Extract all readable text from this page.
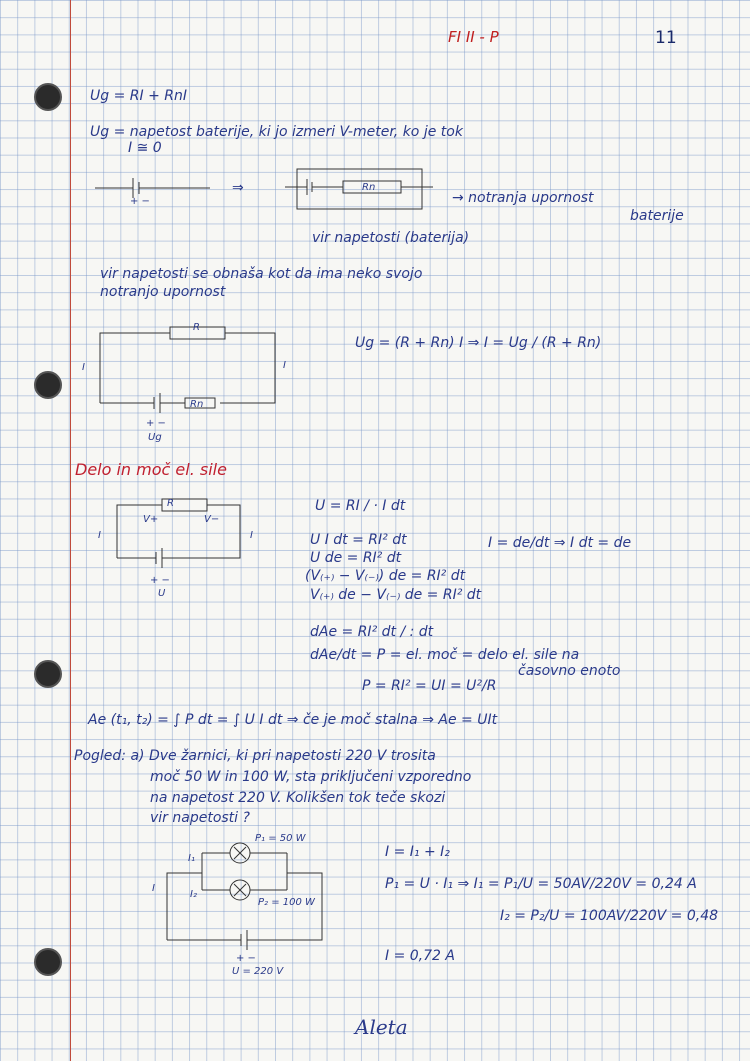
FI II - P	11
Ug = RI + RnI
Ug = napetost baterije, ki jo izmeri V-meter, ko je tok
I ≅ 0
+ −
⇒	Rn
→ notranja upornost
baterije
vir napetosti (baterija)
vir napetosti se obnaša kot da ima neko svojo
notranjo upornost
R
Rn
I	I
+ −
Ug
Ug = (R + Rn) I ⇒ I = Ug / (R + Rn)
Delo in moč el. sile
R
V+	V−
I	I
+ −
U
U = RI / · I dt
U I dt = RI² dt
U de = RI² dt
(V₍₊₎ − V₍₋₎) de = RI² dt
V₍₊₎ de − V₍₋₎ de = RI² dt
I = de/dt ⇒ I dt = de
dAe = RI² dt / : dt
dAe/dt = P = el. moč = delo el. sile na
časovno enoto
P = RI² = UI = U²/R
Ae (t₁, t₂) = ∫ P dt = ∫ U I dt ⇒ če je moč stalna ⇒ Ae = UIt
Pogled: a) Dve žarnici, ki pri napetosti 220 V trosita
moč 50 W in 100 W, sta priključeni vzporedno
na napetost 220 V. Kolikšen tok teče skozi
vir napetosti ?
P₁ = 50 W
P₂ = 100 W
I₁
I₂
I
+ −
U = 220 V
I = I₁ + I₂
P₁ = U · I₁ ⇒ I₁ = P₁/U = 50AV/220V = 0,24 A
I₂ = P₂/U = 100AV/220V = 0,48
I = 0,72 A
Aleta
